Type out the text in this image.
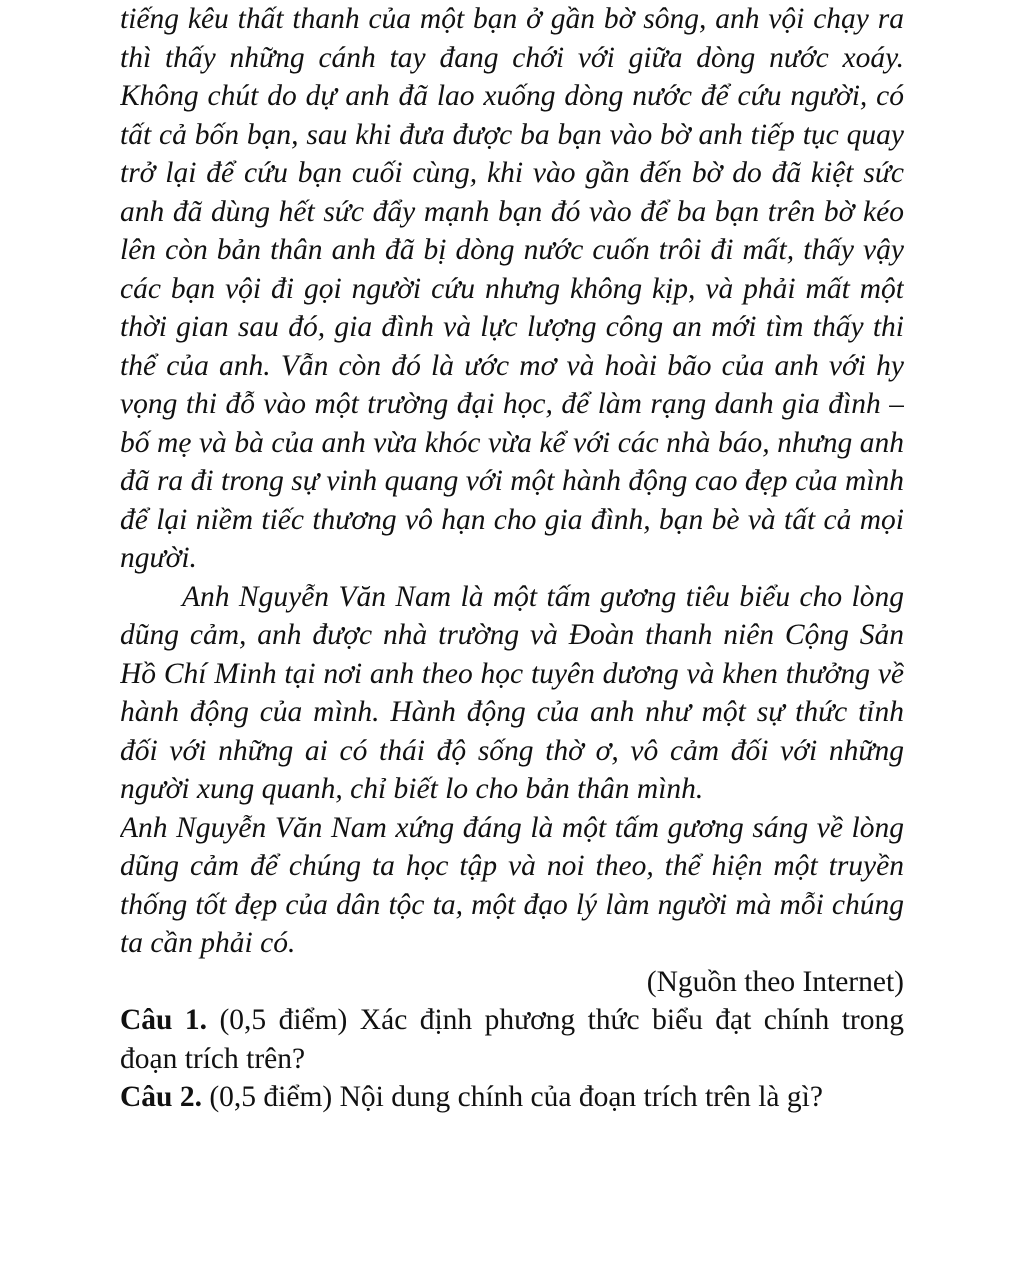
tiếng kêu thất thanh của một bạn ở gần bờ sông, anh vội chạy ra thì thấy những cánh tay đang chới với giữa dòng nước xoáy. Không chút do dự anh đã lao xuống dòng nước để cứu người, có tất cả bốn bạn, sau khi đưa được ba bạn vào bờ anh tiếp tục quay trở lại để cứu bạn cuối cùng, khi vào gần đến bờ do đã kiệt sức anh đã dùng hết sức đẩy mạnh bạn đó vào để ba bạn trên bờ kéo lên còn bản thân anh đã bị dòng nước cuốn trôi đi mất, thấy vậy các bạn vội đi gọi người cứu nhưng không kịp, và phải mất một thời gian sau đó, gia đình và lực lượng công an mới tìm thấy thi thể của anh. Vẫn còn đó là ước mơ và hoài bão của anh với hy vọng thi đỗ vào một trường đại học, để làm rạng danh gia đình – bố mẹ và bà của anh vừa khóc vừa kể với các nhà báo, nhưng anh đã ra đi trong sự vinh quang với một hành động cao đẹp của mình để lại niềm tiếc thương vô hạn cho gia đình, bạn bè và tất cả mọi người.

Anh Nguyễn Văn Nam là một tấm gương tiêu biểu cho lòng dũng cảm, anh được nhà trường và Đoàn thanh niên Cộng Sản Hồ Chí Minh tại nơi anh theo học tuyên dương và khen thưởng về hành động của mình. Hành động của anh như một sự thức tỉnh đối với những ai có thái độ sống thờ ơ, vô cảm đối với những người xung quanh, chỉ biết lo cho bản thân mình.

Anh Nguyễn Văn Nam xứng đáng là một tấm gương sáng về lòng dũng cảm để chúng ta học tập và noi theo, thể hiện một truyền thống tốt đẹp của dân tộc ta, một đạo lý làm người mà mỗi chúng ta cần phải có.

(Nguồn theo Internet)

Câu 1. (0,5 điểm) Xác định phương thức biểu đạt chính trong đoạn trích trên?

Câu 2. (0,5 điểm) Nội dung chính của đoạn trích trên là gì?
